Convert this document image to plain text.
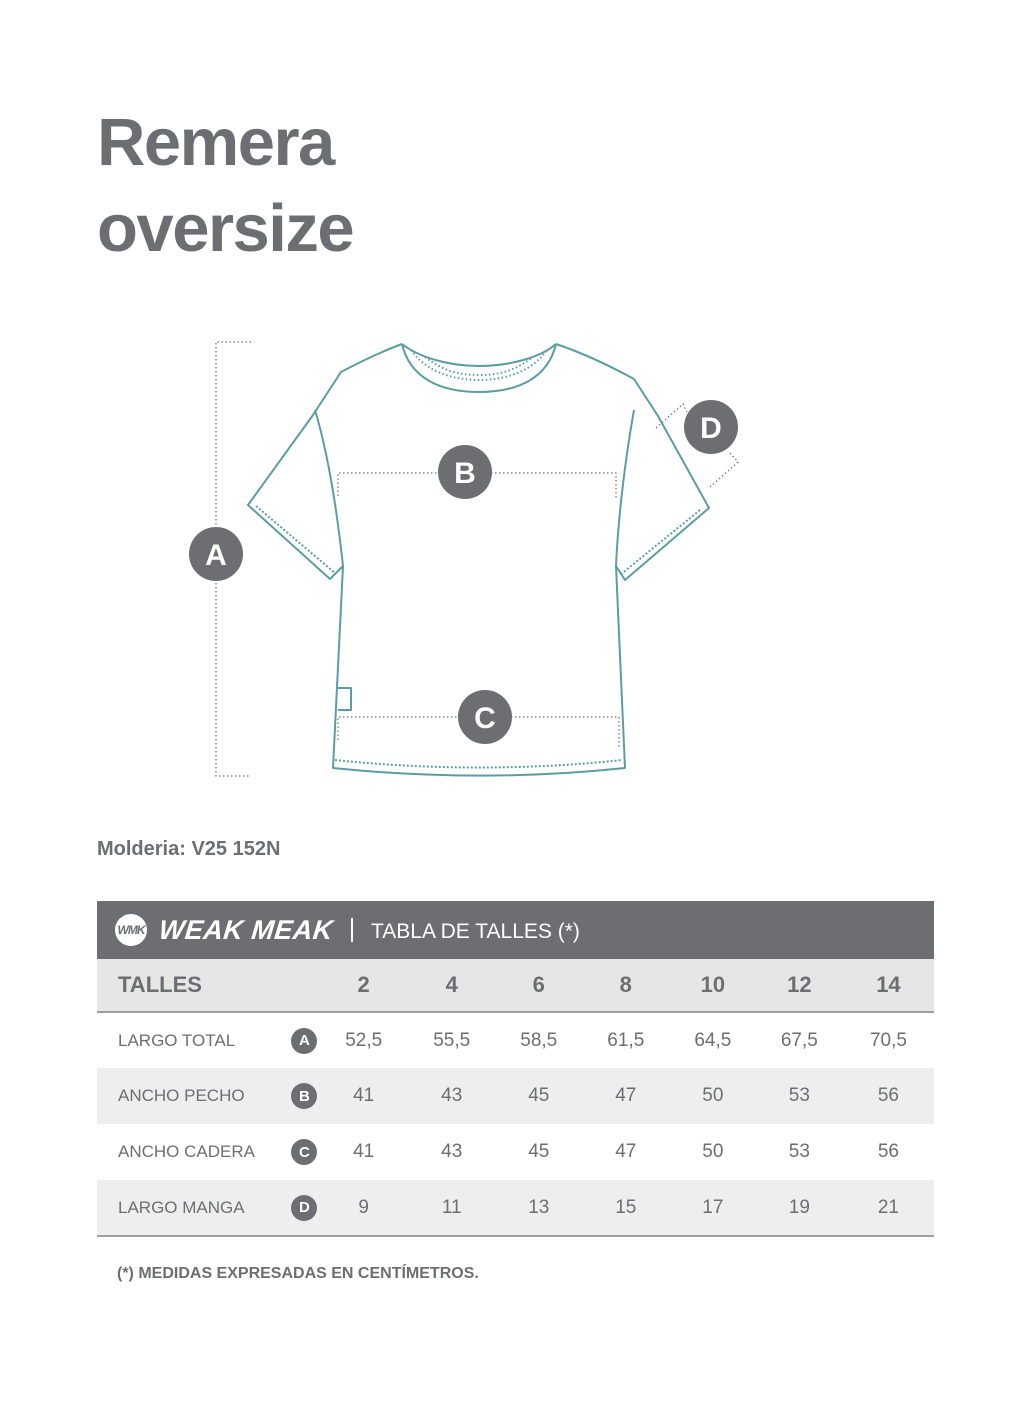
Remera
oversize
A
B
C
D
Molderia: V25 152N
WMK WEAK MEAK TABLA DE TALLES (*)
TALLES		2	4	6	8	10	12	14
LARGO TOTAL	A	52,5	55,5	58,5	61,5	64,5	67,5	70,5
ANCHO PECHO	B	41	43	45	47	50	53	56
ANCHO CADERA	C	41	43	45	47	50	53	56
LARGO MANGA	D	9	11	13	15	17	19	21
(*) MEDIDAS EXPRESADAS EN CENTÍMETROS.
